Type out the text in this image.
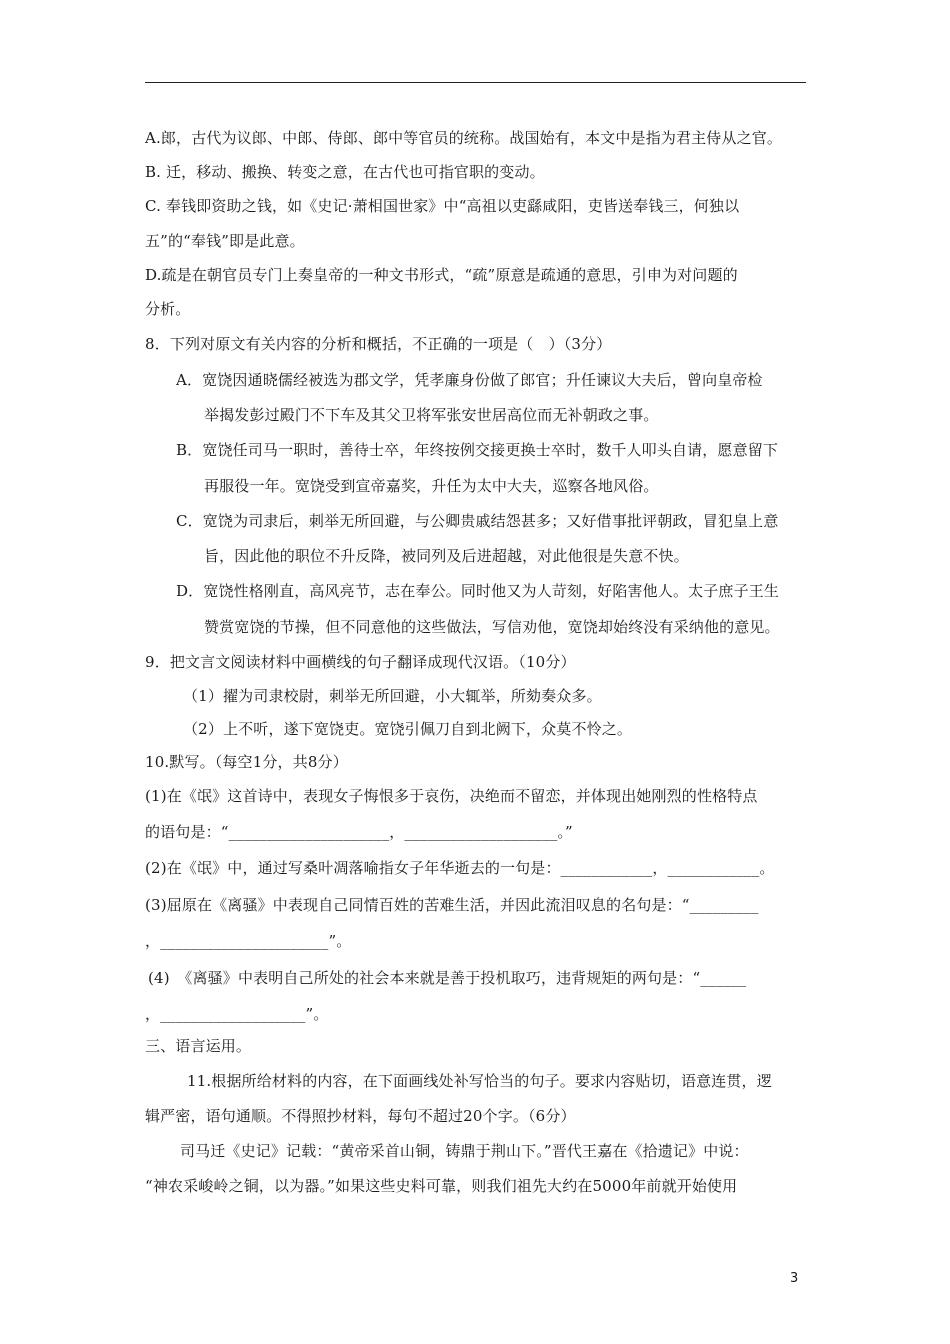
A.郎，古代为议郎、中郎、侍郎、郎中等官员的统称。战国始有，本文中是指为君主侍从之官。
B. 迁，移动、搬换、转变之意，在古代也可指官职的变动。
C. 奉钱即资助之钱，如《史记·萧相国世家》中“高祖以吏繇咸阳，吏皆送奉钱三，何独以
五”的“奉钱”即是此意。
D.疏是在朝官员专门上奏皇帝的一种文书形式，“疏”原意是疏通的意思，引申为对问题的
分析。
8．下列对原文有关内容的分析和概括，不正确的一项是（　）（3分）
A．宽饶因通晓儒经被选为郡文学，凭孝廉身份做了郎官；升任谏议大夫后，曾向皇帝检
举揭发彭过殿门不下车及其父卫将军张安世居高位而无补朝政之事。
B．宽饶任司马一职时，善待士卒，年终按例交接更换士卒时，数千人叩头自请，愿意留下
再服役一年。宽饶受到宣帝嘉奖，升任为太中大夫，巡察各地风俗。
C．宽饶为司隶后，刺举无所回避，与公卿贵戚结怨甚多；又好借事批评朝政，冒犯皇上意
旨，因此他的职位不升反降，被同列及后进超越，对此他很是失意不快。
D．宽饶性格刚直，高风亮节，志在奉公。同时他又为人苛刻，好陷害他人。太子庶子王生
赞赏宽饶的节操，但不同意他的这些做法，写信劝他，宽饶却始终没有采纳他的意见。
9．把文言文阅读材料中画横线的句子翻译成现代汉语。（10分）
（1）擢为司隶校尉，刺举无所回避，小大辄举，所劾奏众多。
（2）上不听，遂下宽饶吏。宽饶引佩刀自到北阙下，众莫不怜之。
10.默写。（每空1分，共8分）
(1)在《氓》这首诗中，表现女子悔恨多于哀伤，决绝而不留恋，并体现出她刚烈的性格特点
的语句是：“_____________________，____________________。”
(2)在《氓》中，通过写桑叶凋落喻指女子年华逝去的一句是：____________，____________。
(3)屈原在《离骚》中表现自己同情百姓的苦难生活，并因此流泪叹息的名句是：“_________
，______________________”。
(4)　《离骚》中表明自己所处的社会本来就是善于投机取巧，违背规矩的两句是：“______
，___________________”。
三、语言运用。
11.根据所给材料的内容，在下面画线处补写恰当的句子。要求内容贴切，语意连贯，逻
辑严密，语句通顺。不得照抄材料，每句不超过20个字。（6分）
司马迁《史记》记载：“黄帝采首山铜，铸鼎于荆山下。”晋代王嘉在《拾遗记》中说：
“神农采峻岭之铜，以为器。”如果这些史料可靠，则我们祖先大约在5000年前就开始使用
3
